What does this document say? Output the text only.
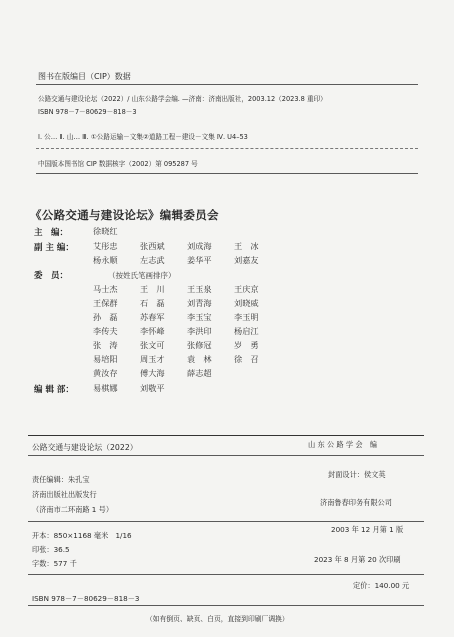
图书在版编目（CIP）数据
公路交通与建设论坛（2022）/ 山东公路学会编. —济南：济南出版社，2003.12（2023.8 重印）
ISBN 978－7－80629－818－3
Ⅰ. 公… Ⅱ. 山… Ⅲ. ①公路运输－文集②道路工程－建设－文集 Ⅳ. U4–53
中国版本图书馆 CIP 数据核字（2002）第 095287 号
《公路交通与建设论坛》编辑委员会
主　编：	徐晓红
副 主 编： 艾彤忠	张西斌	刘成海	王　冰
杨永顺	左志武	姜华平	刘嘉友
委　员：	（按姓氏笔画排序）
马士杰	王　川	王玉泉	王庆京
王保群	石　磊	刘青海	刘晓威
孙　磊	苏春军	李玉宝	李玉明
李传夫	李怀峰	李洪印	杨启江
张　涛	张文可	张修冠	岁　勇
易培阳	周玉才	袁　林	徐　召
黄汝存	傅大海	薛志超
编 辑 部： 易棋娜	刘敬平
公路交通与建设论坛（2022）	山 东 公 路 学 会　编
责任编辑：朱孔宝
封面设计：侯文英
济南出版社出版发行
（济南市二环南路 1 号）
济南鲁春印务有限公司
开本：850×1168 毫米　1/16
2003 年 12 月第 1 版
印张：36.5
字数：577 千	2023 年 8 月第 20 次印刷
ISBN 978－7－80629－818－3
定价：140.00 元
（如有倒页、缺页、白页，直接到印刷厂调换）
